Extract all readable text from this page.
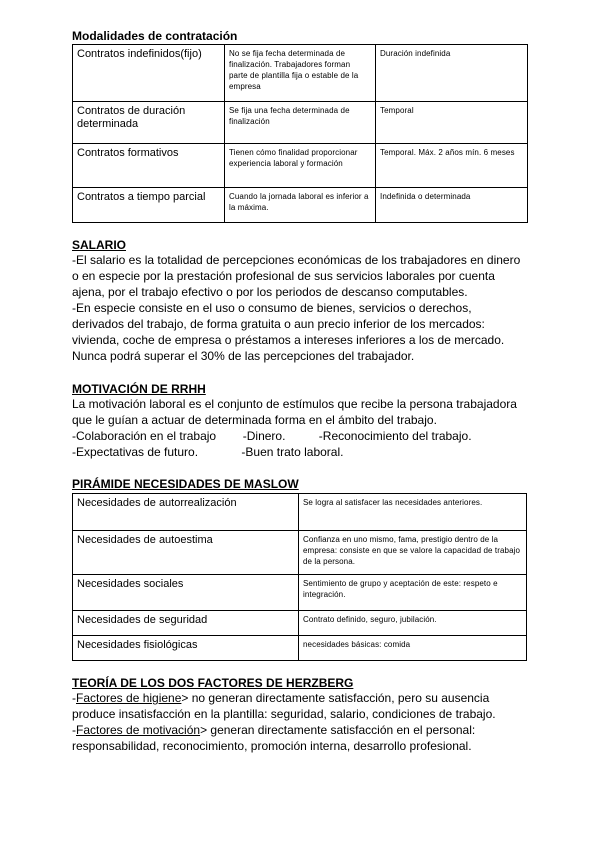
Modalidades de contratación
Contratos indefinidos(fijo)	No se fija fecha determinada de finalización. Trabajadores forman parte de plantilla fija o estable de la empresa	Duración indefinida
Contratos de duración determinada	Se fija una fecha determinada de finalización	Temporal
Contratos formativos	Tienen cómo finalidad proporcionar experiencia laboral y formación	Temporal. Máx. 2 años mín. 6 meses
Contratos a tiempo parcial	Cuando la jornada laboral es inferior a la máxima.	Indefinida o determinada
SALARIO
-El salario es la totalidad de percepciones económicas de los trabajadores en dinero
o en especie por la prestación profesional de sus servicios laborales por cuenta
ajena, por el trabajo efectivo o por los periodos de descanso computables.
-En especie consiste en el uso o consumo de bienes, servicios o derechos,
derivados del trabajo, de forma gratuita o aun precio inferior de los mercados:
vivienda, coche de empresa o préstamos a intereses inferiores a los de mercado.
Nunca podrá superar el 30% de las percepciones del trabajador.
MOTIVACIÓN DE RRHH
La motivación laboral es el conjunto de estímulos que recibe la persona trabajadora
que le guían a actuar de determinada forma en el ámbito del trabajo.
-Colaboración en el trabajo        -Dinero.          -Reconocimiento del trabajo.
-Expectativas de futuro.             -Buen trato laboral.
PIRÁMIDE NECESIDADES DE MASLOW
Necesidades de autorrealización	Se logra al satisfacer las necesidades anteriores.
Necesidades de autoestima	Confianza en uno mismo, fama, prestigio dentro de la empresa: consiste en que se valore la capacidad de trabajo de la persona.
Necesidades sociales	Sentimiento de grupo y aceptación de este: respeto e integración.
Necesidades de seguridad	Contrato definido, seguro, jubilación.
Necesidades fisiológicas	necesidades básicas: comida
TEORÍA DE LOS DOS FACTORES DE HERZBERG
-Factores de higiene> no generan directamente satisfacción, pero su ausencia
produce insatisfacción en la plantilla: seguridad, salario, condiciones de trabajo.
-Factores de motivación> generan directamente satisfacción en el personal:
responsabilidad, reconocimiento, promoción interna, desarrollo profesional.
